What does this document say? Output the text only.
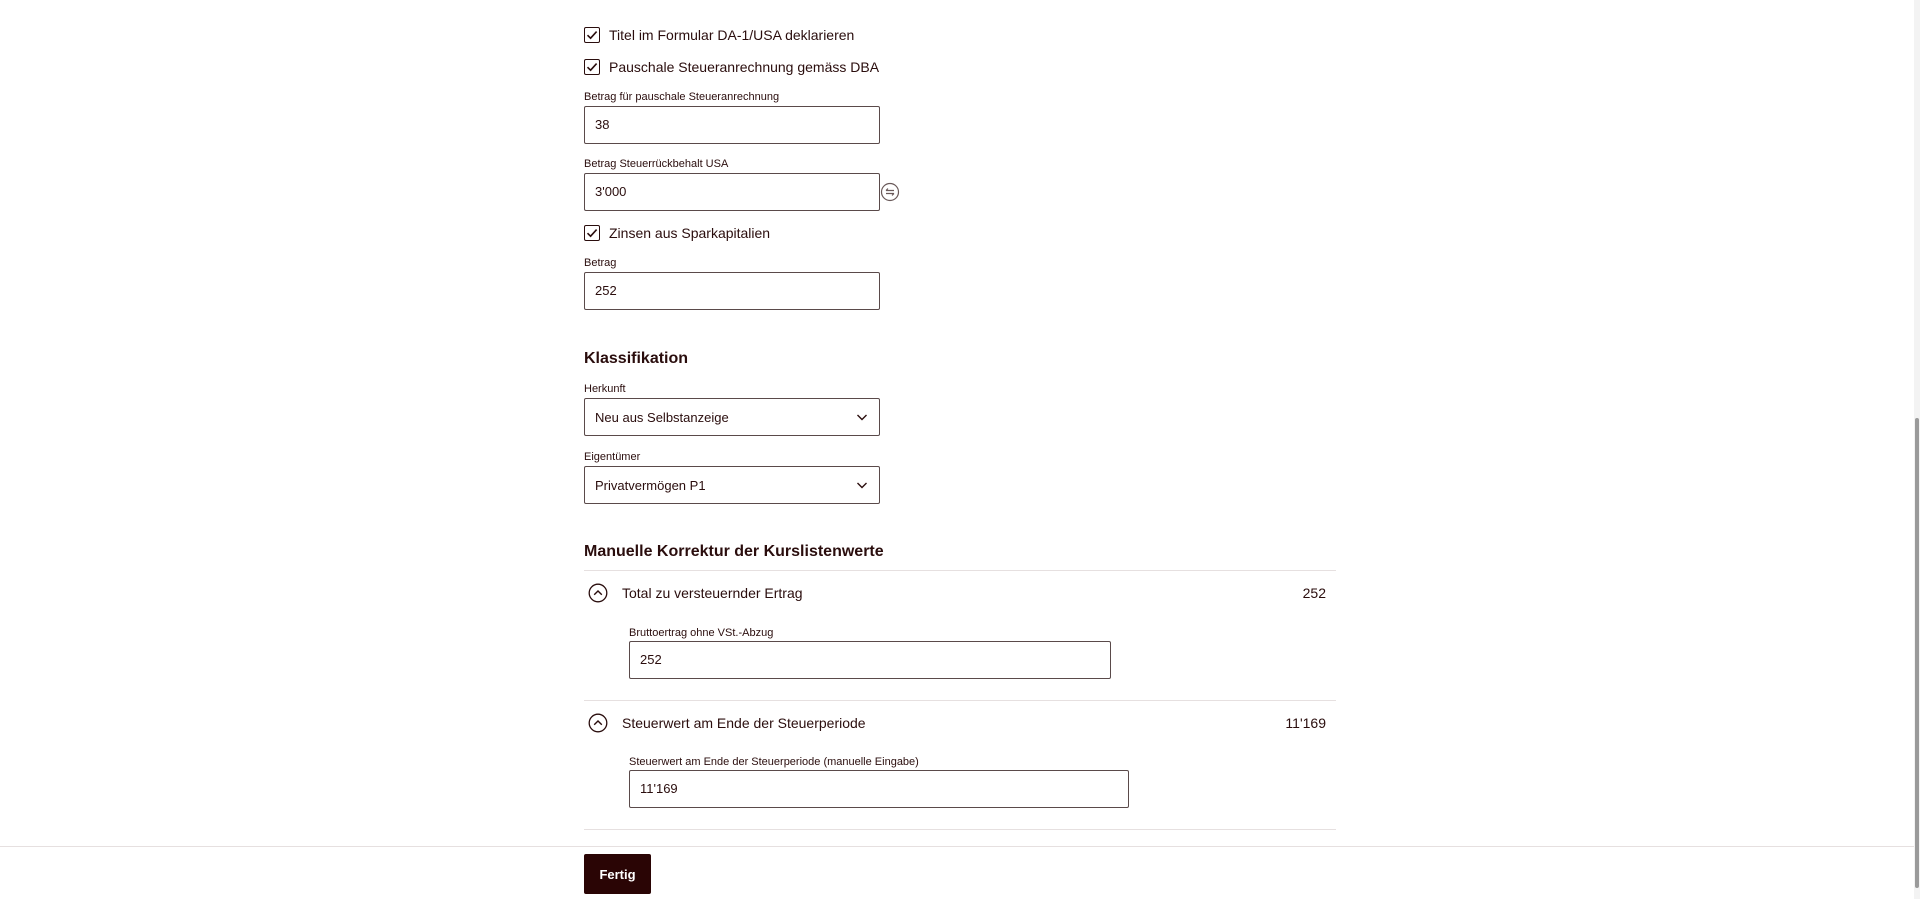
Titel im Formular DA-1/USA deklarieren
Pauschale Steueranrechnung gemäss DBA
Betrag für pauschale Steueranrechnung
38
Betrag Steuerrückbehalt USA
3'000
Zinsen aus Sparkapitalien
Betrag
252
Klassifikation
Herkunft
Neu aus Selbstanzeige
Eigentümer
Privatvermögen P1
Manuelle Korrektur der Kurslistenwerte
Total zu versteuernder Ertrag	252
Bruttoertrag ohne VSt.-Abzug
252
Steuerwert am Ende der Steuerperiode	11'169
Steuerwert am Ende der Steuerperiode (manuelle Eingabe)
11'169
Fertig
